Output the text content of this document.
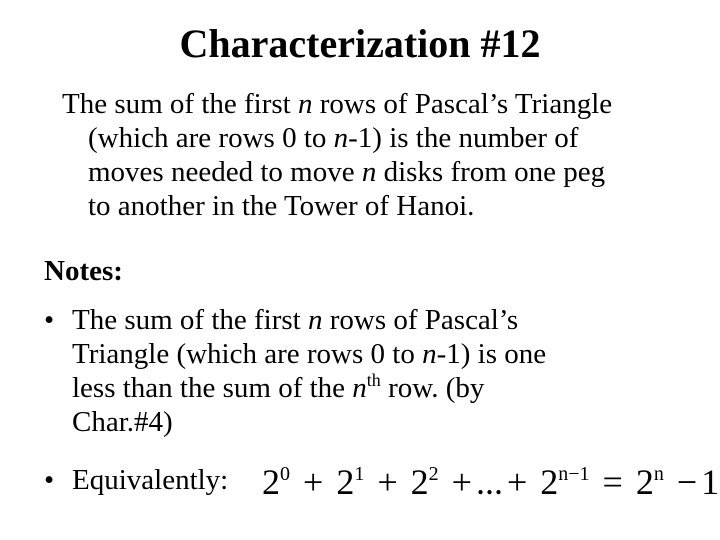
Characterization #12
The sum of the first n rows of Pascal’s Triangle
(which are rows 0 to n-1) is the number of
moves needed to move n disks from one peg
to another in the Tower of Hanoi.
Notes:
• The sum of the first n rows of Pascal’s
Triangle (which are rows 0 to n-1) is one
less than the sum of the $n^{th}$ row. (by
Char.#4)
• Equivalently: $2^0 + 2^1 + 2^2$ + ... + $2^{n-1} = 2^n - 1$
